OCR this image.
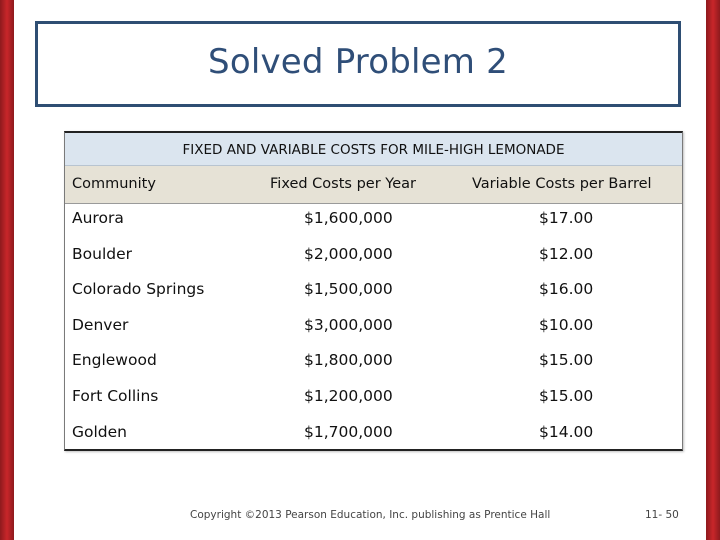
Solved Problem 2
FIXED AND VARIABLE COSTS FOR MILE-HIGH LEMONADE
Community	Fixed Costs per Year	Variable Costs per Barrel
Aurora	$1,600,000	$17.00
Boulder	$2,000,000	$12.00
Colorado Springs	$1,500,000	$16.00
Denver	$3,000,000	$10.00
Englewood	$1,800,000	$15.00
Fort Collins	$1,200,000	$15.00
Golden	$1,700,000	$14.00
Copyright ©2013 Pearson Education, Inc. publishing as Prentice Hall	11- 50
